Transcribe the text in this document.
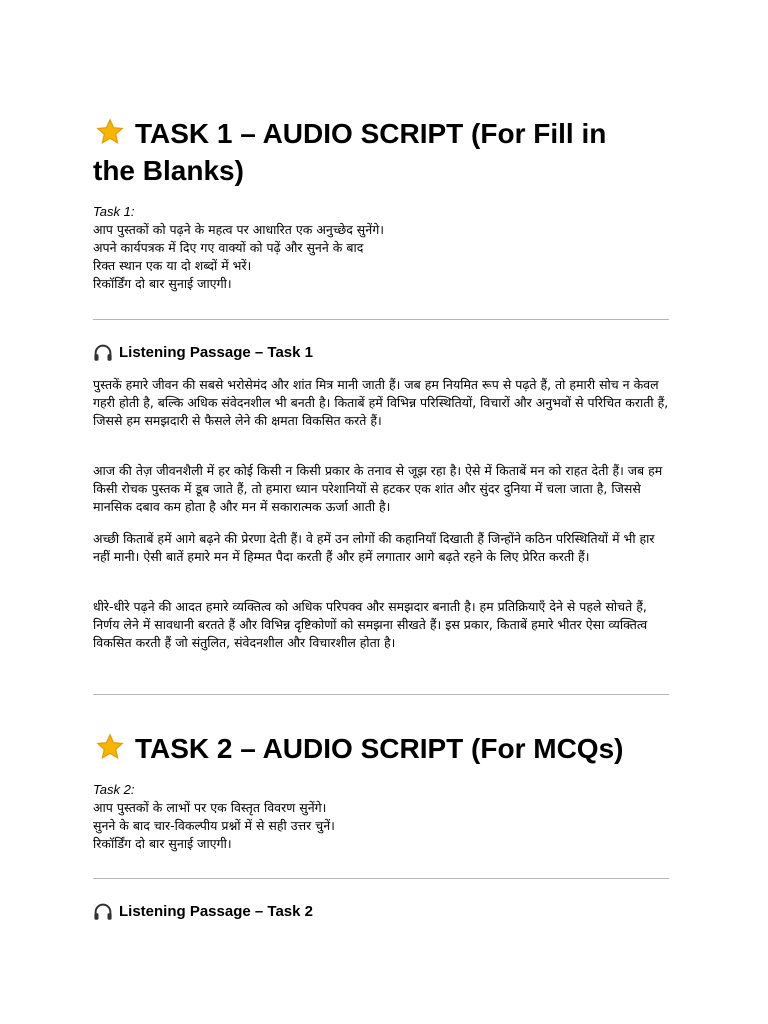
TASK 1 – AUDIO SCRIPT (For Fill in
the Blanks)
Task 1:
आप पुस्तकों को पढ़ने के महत्व पर आधारित एक अनुच्छेद सुनेंगे।
अपने कार्यपत्रक में दिए गए वाक्यों को पढ़ें और सुनने के बाद
रिक्त स्थान एक या दो शब्दों में भरें।
रिकॉर्डिंग दो बार सुनाई जाएगी।
Listening Passage – Task 1

पुस्तकें हमारे जीवन की सबसे भरोसेमंद और शांत मित्र मानी जाती हैं। जब हम नियमित रूप से पढ़ते हैं, तो हमारी सोच न केवल गहरी होती है, बल्कि अधिक संवेदनशील भी बनती है। किताबें हमें विभिन्न परिस्थितियों, विचारों और अनुभवों से परिचित कराती हैं, जिससे हम समझदारी से फैसले लेने की क्षमता विकसित करते हैं।

आज की तेज़ जीवनशैली में हर कोई किसी न किसी प्रकार के तनाव से जूझ रहा है। ऐसे में किताबें मन को राहत देती हैं। जब हम किसी रोचक पुस्तक में डूब जाते हैं, तो हमारा ध्यान परेशानियों से हटकर एक शांत और सुंदर दुनिया में चला जाता है, जिससे मानसिक दबाव कम होता है और मन में सकारात्मक ऊर्जा आती है।

अच्छी किताबें हमें आगे बढ़ने की प्रेरणा देती हैं। वे हमें उन लोगों की कहानियाँ दिखाती हैं जिन्होंने कठिन परिस्थितियों में भी हार नहीं मानी। ऐसी बातें हमारे मन में हिम्मत पैदा करती हैं और हमें लगातार आगे बढ़ते रहने के लिए प्रेरित करती हैं।

धीरे-धीरे पढ़ने की आदत हमारे व्यक्तित्व को अधिक परिपक्व और समझदार बनाती है। हम प्रतिक्रियाएँ देने से पहले सोचते हैं, निर्णय लेने में सावधानी बरतते हैं और विभिन्न दृष्टिकोणों को समझना सीखते हैं। इस प्रकार, किताबें हमारे भीतर ऐसा व्यक्तित्व विकसित करती हैं जो संतुलित, संवेदनशील और विचारशील होता है।

TASK 2 – AUDIO SCRIPT (For MCQs)
Task 2:
आप पुस्तकों के लाभों पर एक विस्तृत विवरण सुनेंगे।
सुनने के बाद चार-विकल्पीय प्रश्नों में से सही उत्तर चुनें।
रिकॉर्डिंग दो बार सुनाई जाएगी।
Listening Passage – Task 2
